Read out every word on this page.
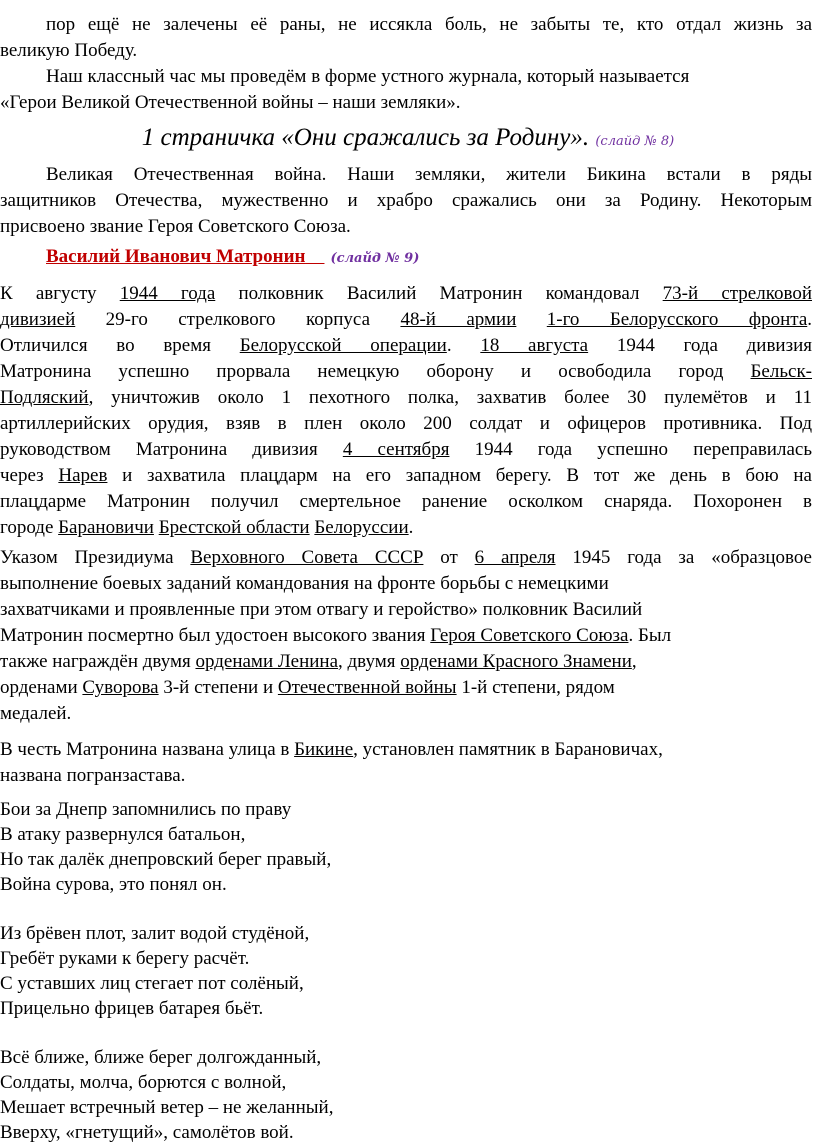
пор ещё не залечены её раны, не иссякла боль, не забыты те, кто отдал жизнь за
великую Победу.
Наш классный час мы проведём в форме устного журнала, который называется
«Герои Великой Отечественной войны – наши земляки».
1 страничка «Они сражались за Родину». (слайд № 8)
Великая Отечественная война. Наши земляки, жители Бикина встали в ряды
защитников Отечества, мужественно и храбро сражались они за Родину. Некоторым
присвоено звание Героя Советского Союза.
Василий Иванович Матронин (слайд № 9)
К августу 1944 года полковник Василий Матронин командовал 73-й стрелковой
дивизией 29-го стрелкового корпуса 48-й армии 1-го Белорусского фронта.
Отличился во время Белорусской операции. 18 августа 1944 года дивизия
Матронина успешно прорвала немецкую оборону и освободила город Бельск-
Подляский, уничтожив около 1 пехотного полка, захватив более 30 пулемётов и 11
артиллерийских орудия, взяв в плен около 200 солдат и офицеров противника. Под
руководством Матронина дивизия 4 сентября 1944 года успешно переправилась
через Нарев и захватила плацдарм на его западном берегу. В тот же день в бою на
плацдарме Матронин получил смертельное ранение осколком снаряда. Похоронен в
городе Барановичи Брестской области Белоруссии.
Указом Президиума Верховного Совета СССР от 6 апреля 1945 года за «образцовое
выполнение боевых заданий командования на фронте борьбы с немецкими
захватчиками и проявленные при этом отвагу и геройство» полковник Василий
Матронин посмертно был удостоен высокого звания Героя Советского Союза. Был
также награждён двумя орденами Ленина, двумя орденами Красного Знамени,
орденами Суворова 3-й степени и Отечественной войны 1-й степени, рядом
медалей.
В честь Матронина названа улица в Бикине, установлен памятник в Барановичах,
названа погранзастава.
Бои за Днепр запомнились по праву
В атаку развернулся батальон,
Но так далёк днепровский берег правый,
Война сурова, это понял он.
Из брёвен плот, залит водой студёной,
Гребёт руками к берегу расчёт.
С уставших лиц стегает пот солёный,
Прицельно фрицев батарея бьёт.
Всё ближе, ближе берег долгожданный,
Солдаты, молча, борются с волной,
Мешает встречный ветер – не желанный,
Вверху, «гнетущий», самолётов вой.
